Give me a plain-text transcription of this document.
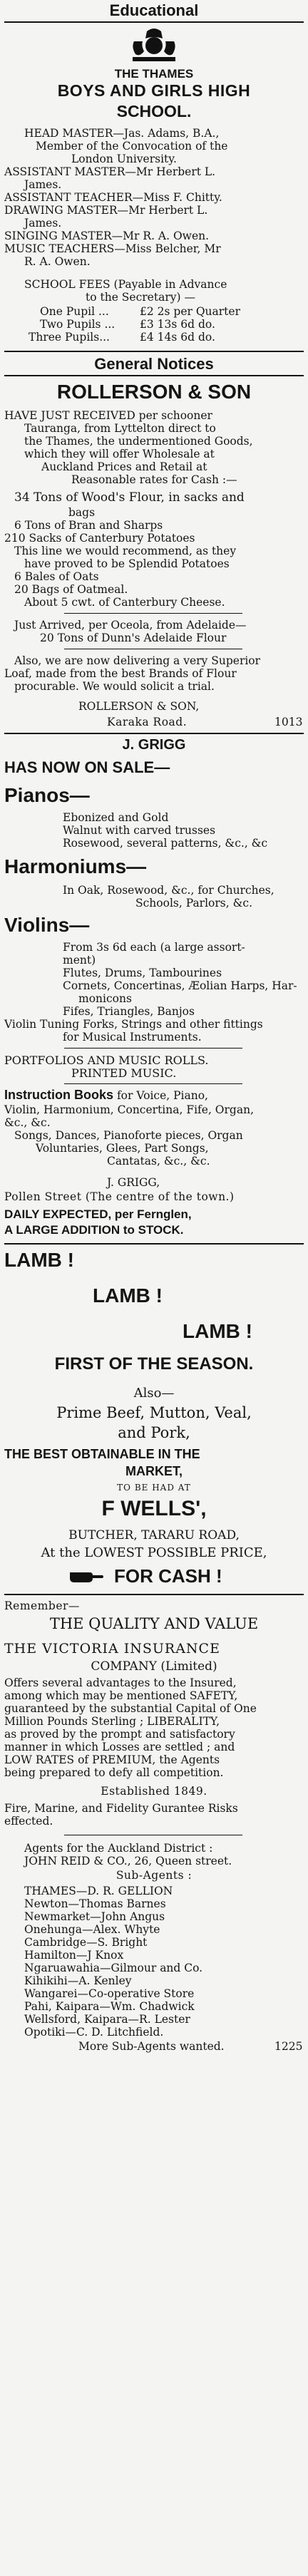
Educational
THE THAMES
BOYS AND GIRLS HIGH
SCHOOL.
HEAD MASTER—Jas. Adams, B.A.,
Member of the Convocation of the
London University.
ASSISTANT MASTER—Mr Herbert L.
James.
ASSISTANT TEACHER—Miss F. Chitty.
DRAWING MASTER—Mr Herbert L.
James.
SINGING MASTER—Mr R. A. Owen.
MUSIC TEACHERS—Miss Belcher, Mr
R. A. Owen.
SCHOOL FEES (Payable in Advance
to the Secretary) —
One Pupil ...	£2 2s per Quarter
Two Pupils ... £3 13s 6d do.
Three Pupils...	£4 14s 6d do.
General Notices
ROLLERSON & SON
HAVE JUST RECEIVED per schooner
Tauranga, from Lyttelton direct to
the Thames, the undermentioned Goods,
which they will offer Wholesale at
Auckland Prices and Retail at
Reasonable rates for Cash :—
34 Tons of Wood's Flour, in sacks and
bags
6 Tons of Bran and Sharps
210 Sacks of Canterbury Potatoes
This line we would recommend, as they
have proved to be Splendid Potatoes
6 Bales of Oats
20 Bags of Oatmeal.
About 5 cwt. of Canterbury Cheese.
Just Arrived, per Oceola, from Adelaide—
20 Tons of Dunn's Adelaide Flour
Also, we are now delivering a very Superior
Loaf, made from the best Brands of Flour
procurable. We would solicit a trial.
ROLLERSON & SON,
Karaka Road.	1013
J. GRIGG
HAS NOW ON SALE—
Pianos—
Ebonized and Gold
Walnut with carved trusses
Rosewood, several patterns, &c., &c
Harmoniums—
In Oak, Rosewood, &c., for Churches,
Schools, Parlors, &c.
Violins—
From 3s 6d each (a large assort-
ment)
Flutes, Drums, Tambourines
Cornets, Concertinas, Æolian Harps, Har-
monicons
Fifes, Triangles, Banjos
Violin Tuning Forks, Strings and other fittings
for Musical Instruments.
PORTFOLIOS AND MUSIC ROLLS.
PRINTED MUSIC.
Instruction Books for Voice, Piano,
Violin, Harmonium, Concertina, Fife, Organ,
&c., &c.
Songs, Dances, Pianoforte pieces, Organ
Voluntaries, Glees, Part Songs,
Cantatas, &c., &c.
J. GRIGG,
Pollen Street (The centre of the town.)
DAILY EXPECTED, per Fernglen,
A LARGE ADDITION to STOCK.
LAMB !
LAMB !
LAMB !
FIRST OF THE SEASON.
Also—
Prime Beef, Mutton, Veal,
and Pork,
THE BEST OBTAINABLE IN THE
MARKET,
TO BE HAD AT
F WELLS',
BUTCHER, TARARU ROAD,
At the LOWEST POSSIBLE PRICE,
FOR CASH !
Remember—
THE QUALITY AND VALUE
THE VICTORIA INSURANCE
COMPANY (Limited)
Offers several advantages to the Insured,
among which may be mentioned SAFETY,
guaranteed by the substantial Capital of One
Million Pounds Sterling ; LIBERALITY,
as proved by the prompt and satisfactory
manner in which Losses are settled ; and
LOW RATES of PREMIUM, the Agents
being prepared to defy all competition.
Established 1849.
Fire, Marine, and Fidelity Gurantee Risks
effected.
Agents for the Auckland District :
JOHN REID & CO., 26, Queen street.
Sub-Agents :
THAMES—D. R. GELLION
Newton—Thomas Barnes
Newmarket—John Angus
Onehunga—Alex. Whyte
Cambridge—S. Bright
Hamilton—J Knox
Ngaruawahia—Gilmour and Co.
Kihikihi—A. Kenley
Wangarei—Co-operative Store
Pahi, Kaipara—Wm. Chadwick
Wellsford, Kaipara—R. Lester
Opotiki—C. D. Litchfield.
More Sub-Agents wanted.	1225
